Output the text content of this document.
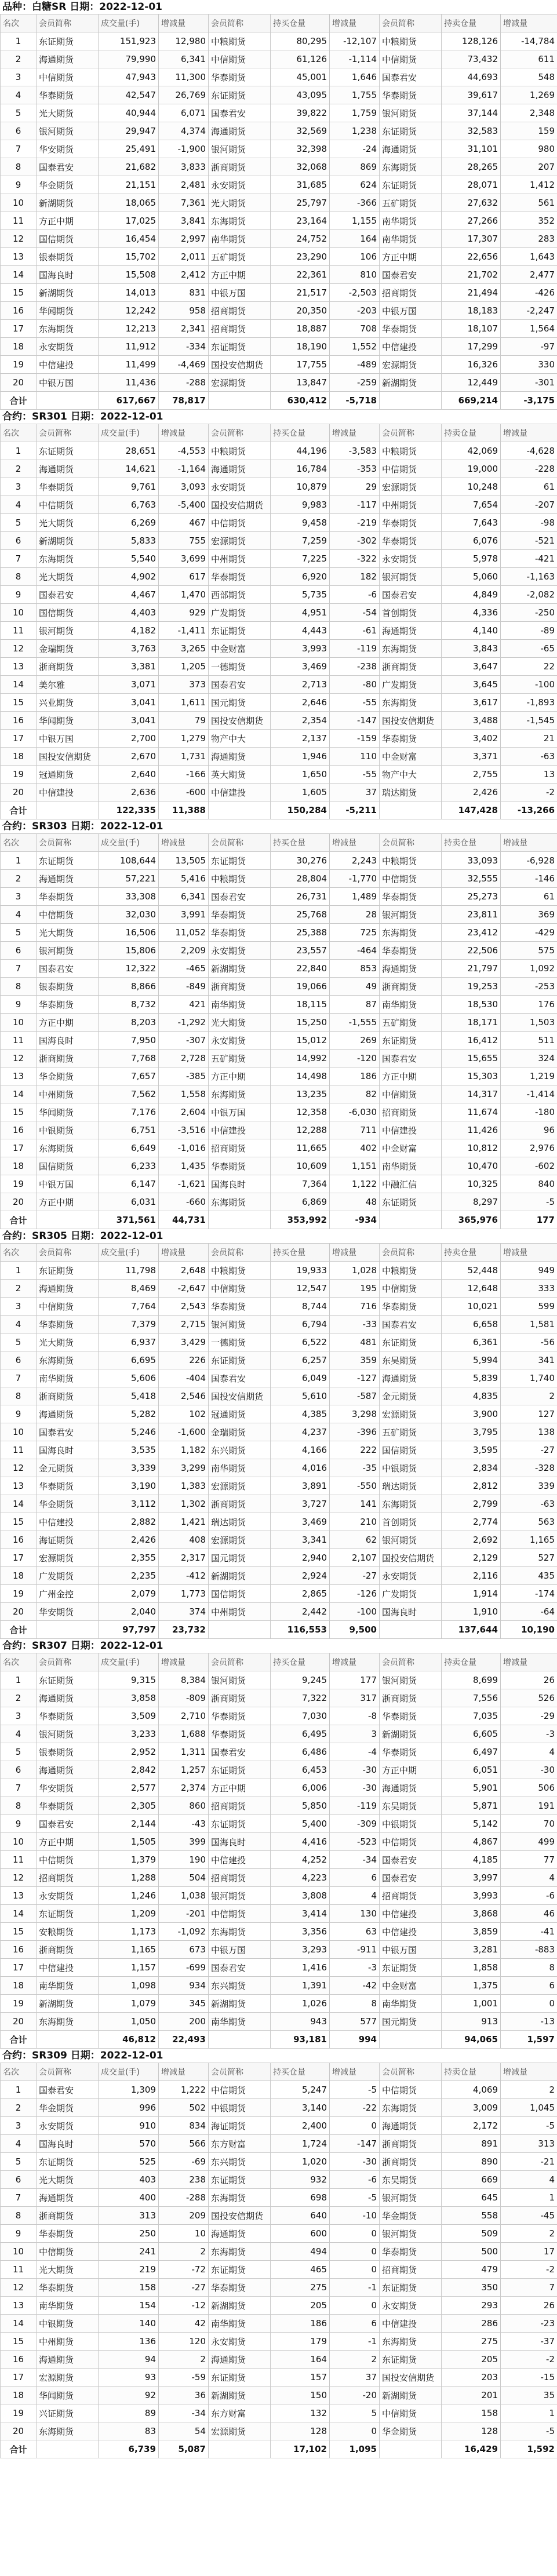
品种：白糖SR 日期：2022-12-01
名次	会员简称	成交量(手)	增减量	会员简称	持买仓量	增减量	会员简称	持卖仓量	增减量
1	东证期货	151,923	12,980	中粮期货	80,295	-12,107	中粮期货	128,126	-14,784
2	海通期货	79,990	6,341	中信期货	61,126	-1,114	中信期货	73,432	611
3	中信期货	47,943	11,300	华泰期货	45,001	1,646	国泰君安	44,693	548
4	华泰期货	42,547	26,769	东证期货	43,095	1,755	华泰期货	39,617	1,269
5	光大期货	40,944	6,071	国泰君安	39,822	1,759	银河期货	37,144	2,348
6	银河期货	29,947	4,374	海通期货	32,569	1,238	东证期货	32,583	159
7	华安期货	25,491	-1,900	银河期货	32,398	-24	海通期货	31,101	980
8	国泰君安	21,682	3,833	浙商期货	32,068	869	东海期货	28,265	207
9	华金期货	21,151	2,481	永安期货	31,685	624	东证期货	28,071	1,412
10	新湖期货	18,065	7,361	光大期货	25,797	-366	五矿期货	27,632	561
11	方正中期	17,025	3,841	东海期货	23,164	1,155	南华期货	27,266	352
12	国信期货	16,454	2,997	南华期货	24,752	164	南华期货	17,307	283
13	银泰期货	15,702	2,011	五矿期货	23,290	106	方正中期	22,656	1,643
14	国海良时	15,508	2,412	方正中期	22,361	810	国泰君安	21,702	2,477
15	新湖期货	14,013	831	中银万国	21,517	-2,503	招商期货	21,494	-426
16	华闻期货	12,242	958	招商期货	20,350	-203	中银万国	18,183	-2,247
17	东海期货	12,213	2,341	招商期货	18,887	708	华泰期货	18,107	1,564
18	永安期货	11,912	-334	东证期货	18,190	1,552	中信建投	17,299	-97
19	中信建投	11,499	-4,469	国投安信期货	17,755	-489	宏源期货	16,326	330
20	中银万国	11,436	-288	宏源期货	13,847	-259	新湖期货	12,449	-301
合计		617,667	78,817		630,412	-5,718		669,214	-3,175
合约：SR301 日期：2022-12-01
名次	会员简称	成交量(手)	增减量	会员简称	持买仓量	增减量	会员简称	持卖仓量	增减量
1	东证期货	28,651	-4,553	中粮期货	44,196	-3,583	中粮期货	42,069	-4,628
2	海通期货	14,621	-1,164	海通期货	16,784	-353	中信期货	19,000	-228
3	华泰期货	9,761	3,093	永安期货	10,879	29	宏源期货	10,248	61
4	中信期货	6,763	-5,400	国投安信期货	9,983	-117	中州期货	7,654	-207
5	光大期货	6,269	467	中信期货	9,458	-219	华泰期货	7,643	-98
6	新湖期货	5,833	755	宏源期货	7,259	-302	华泰期货	6,076	-521
7	东海期货	5,540	3,699	中州期货	7,225	-322	永安期货	5,978	-421
8	光大期货	4,902	617	华泰期货	6,920	182	银河期货	5,060	-1,163
9	国泰君安	4,467	1,470	西部期货	5,735	-6	国泰君安	4,849	-2,082
10	国信期货	4,403	929	广发期货	4,951	-54	首创期货	4,336	-250
11	银河期货	4,182	-1,411	东证期货	4,443	-61	海通期货	4,140	-89
12	金瑞期货	3,763	3,265	中金财富	3,993	-119	东海期货	3,843	-65
13	浙商期货	3,381	1,205	一德期货	3,469	-238	浙商期货	3,647	22
14	美尔雅	3,071	373	国泰君安	2,713	-80	广发期货	3,645	-100
15	兴业期货	3,041	1,611	国元期货	2,646	-55	东海期货	3,617	-1,893
16	华闻期货	3,041	79	国投安信期货	2,354	-147	国投安信期货	3,488	-1,545
17	中银万国	2,700	1,279	物产中大	2,137	-159	华泰期货	3,402	21
18	国投安信期货	2,670	1,731	海通期货	1,946	110	中金财富	3,371	-63
19	冠通期货	2,640	-166	英大期货	1,650	-55	物产中大	2,755	13
20	中信建投	2,636	-600	中信建投	1,605	37	瑞达期货	2,426	-2
合计		122,335	11,388		150,284	-5,211		147,428	-13,266
合约：SR303 日期：2022-12-01
名次	会员简称	成交量(手)	增减量	会员简称	持买仓量	增减量	会员简称	持卖仓量	增减量
1	东证期货	108,644	13,505	东证期货	30,276	2,243	中粮期货	33,093	-6,928
2	海通期货	57,221	5,416	中粮期货	28,804	-1,770	中信期货	32,555	-146
3	华泰期货	33,308	6,341	国泰君安	26,731	1,489	华泰期货	25,273	61
4	中信期货	32,030	3,991	华泰期货	25,768	28	银河期货	23,811	369
5	光大期货	16,506	11,052	华泰期货	25,388	725	东海期货	23,412	-429
6	银河期货	15,806	2,209	永安期货	23,557	-464	华泰期货	22,506	575
7	国泰君安	12,322	-465	新湖期货	22,840	853	海通期货	21,797	1,092
8	银泰期货	8,866	-849	浙商期货	19,066	49	浙商期货	19,253	-253
9	华泰期货	8,732	421	南华期货	18,115	87	南华期货	18,530	176
10	方正中期	8,203	-1,292	光大期货	15,250	-1,555	五矿期货	18,171	1,503
11	国海良时	7,950	-307	永安期货	15,012	269	东证期货	16,412	511
12	浙商期货	7,768	2,728	五矿期货	14,992	-120	国泰君安	15,655	324
13	华金期货	7,657	-385	方正中期	14,498	186	方正中期	15,303	1,219
14	中州期货	7,562	1,558	东海期货	13,235	82	中信期货	14,317	-1,414
15	华闻期货	7,176	2,604	中银万国	12,358	-6,030	招商期货	11,674	-180
16	中银期货	6,751	-3,516	中信建投	12,288	711	中信建投	11,426	96
17	东海期货	6,649	-1,016	招商期货	11,665	402	中金财富	10,812	2,976
18	国信期货	6,233	1,435	华泰期货	10,609	1,151	南华期货	10,470	-602
19	中银万国	6,147	-1,621	国海良时	7,364	1,122	中融汇信	10,325	840
20	方正中期	6,031	-660	东海期货	6,869	48	东证期货	8,297	-5
合计		371,561	44,731		353,992	-934		365,976	177
合约：SR305 日期：2022-12-01
名次	会员简称	成交量(手)	增减量	会员简称	持买仓量	增减量	会员简称	持卖仓量	增减量
1	东证期货	11,798	2,648	中粮期货	19,933	1,028	中粮期货	52,448	949
2	海通期货	8,469	-2,647	中信期货	12,547	195	中信期货	12,648	333
3	中信期货	7,764	2,543	华泰期货	8,744	716	华泰期货	10,021	599
4	华泰期货	7,379	2,715	银河期货	6,794	-33	国泰君安	6,658	1,581
5	光大期货	6,937	3,429	一德期货	6,522	481	东证期货	6,361	-56
6	东海期货	6,695	226	东证期货	6,257	359	东吴期货	5,994	341
7	南华期货	5,606	-404	国泰君安	6,049	-127	海通期货	5,839	1,740
8	浙商期货	5,418	2,546	国投安信期货	5,610	-587	金元期货	4,835	2
9	海通期货	5,282	102	冠通期货	4,385	3,298	宏源期货	3,900	127
10	国泰君安	5,246	-1,600	金瑞期货	4,237	-396	五矿期货	3,795	138
11	国海良时	3,535	1,182	东兴期货	4,166	222	国信期货	3,595	-27
12	金元期货	3,339	3,299	南华期货	4,016	-35	中银期货	2,834	-328
13	华泰期货	3,190	1,383	宏源期货	3,891	-550	瑞达期货	2,812	339
14	华金期货	3,112	1,302	浙商期货	3,727	141	东海期货	2,799	-63
15	中信建投	2,882	1,421	瑞达期货	3,469	210	首创期货	2,774	563
16	海证期货	2,426	408	宏源期货	3,341	62	银河期货	2,692	1,165
17	宏源期货	2,355	2,317	国元期货	2,940	2,107	国投安信期货	2,129	527
18	广发期货	2,235	-412	新湖期货	2,924	-27	永安期货	2,116	435
19	广州金控	2,079	1,773	国信期货	2,865	-126	广发期货	1,914	-174
20	华安期货	2,040	374	中州期货	2,442	-100	国海良时	1,910	-64
合计		97,797	23,732		116,553	9,500		137,644	10,190
合约：SR307 日期：2022-12-01
名次	会员简称	成交量(手)	增减量	会员简称	持买仓量	增减量	会员简称	持卖仓量	增减量
1	东证期货	9,315	8,384	银河期货	9,245	177	银河期货	8,699	26
2	海通期货	3,858	-809	浙商期货	7,322	317	浙商期货	7,556	526
3	华泰期货	3,509	2,710	华泰期货	7,030	-8	华泰期货	7,035	-29
4	银河期货	3,233	1,688	华泰期货	6,495	3	新湖期货	6,605	-3
5	银泰期货	2,952	1,311	国泰君安	6,486	-4	华泰期货	6,497	4
6	海通期货	2,842	1,257	东证期货	6,453	-30	方正中期	6,051	-30
7	华安期货	2,577	2,374	方正中期	6,006	-30	海通期货	5,901	506
8	华泰期货	2,305	860	招商期货	5,850	-119	东吴期货	5,871	191
9	国泰君安	2,144	-43	东证期货	5,400	-309	中银期货	5,142	70
10	方正中期	1,505	399	国海良时	4,416	-523	中信期货	4,867	499
11	中信期货	1,379	190	中信建投	4,252	-34	国泰君安	4,185	77
12	招商期货	1,288	504	招商期货	4,223	6	国泰君安	3,997	4
13	永安期货	1,246	1,038	银河期货	3,808	4	招商期货	3,993	-6
14	东证期货	1,209	-201	中信期货	3,414	130	中信建投	3,868	46
15	安粮期货	1,173	-1,092	东海期货	3,356	63	中信建投	3,859	-41
16	浙商期货	1,165	673	中银万国	3,293	-911	中银万国	3,281	-883
17	中信建投	1,157	-699	国泰君安	1,416	-3	东证期货	1,858	8
18	南华期货	1,098	934	东兴期货	1,391	-42	中金财富	1,375	6
19	新湖期货	1,079	345	新湖期货	1,026	8	南华期货	1,001	0
20	东海期货	1,050	200	南华期货	943	577	国元期货	913	-13
合计		46,812	22,493		93,181	994		94,065	1,597
合约：SR309 日期：2022-12-01
名次	会员简称	成交量(手)	增减量	会员简称	持买仓量	增减量	会员简称	持卖仓量	增减量
1	国泰君安	1,309	1,222	中信期货	5,247	-5	中信期货	4,069	2
2	华金期货	996	502	中银期货	3,140	-22	东海期货	3,009	1,045
3	永安期货	910	834	海证期货	2,400	0	海通期货	2,172	-5
4	国海良时	570	566	东方财富	1,724	-147	浙商期货	891	313
5	东证期货	525	-69	东兴期货	1,020	-30	浙商期货	890	-21
6	光大期货	403	238	东证期货	932	-6	东吴期货	669	4
7	海通期货	400	-288	东海期货	698	-5	银河期货	645	1
8	浙商期货	313	209	国投安信期货	640	-10	华金期货	558	-45
9	华泰期货	250	10	海通期货	600	0	银河期货	509	2
10	中信期货	241	2	东海期货	494	0	华泰期货	500	17
11	光大期货	219	-72	东证期货	465	0	招商期货	479	-2
12	华泰期货	158	-27	华泰期货	275	-1	东证期货	350	7
13	南华期货	154	-12	新湖期货	205	0	永安期货	293	26
14	中银期货	140	42	南华期货	186	6	中信建投	286	-23
15	中州期货	136	120	永安期货	179	-1	东海期货	275	-37
16	海通期货	94	2	海通期货	164	2	东证期货	205	-2
17	宏源期货	93	-59	东证期货	157	37	国投安信期货	203	-15
18	华闻期货	92	36	新湖期货	150	-20	新湖期货	201	35
19	兴证期货	89	-34	东方财富	132	5	中信期货	158	1
20	东海期货	83	54	宏源期货	128	0	华金期货	128	-5
合计		6,739	5,087		17,102	1,095		16,429	1,592
